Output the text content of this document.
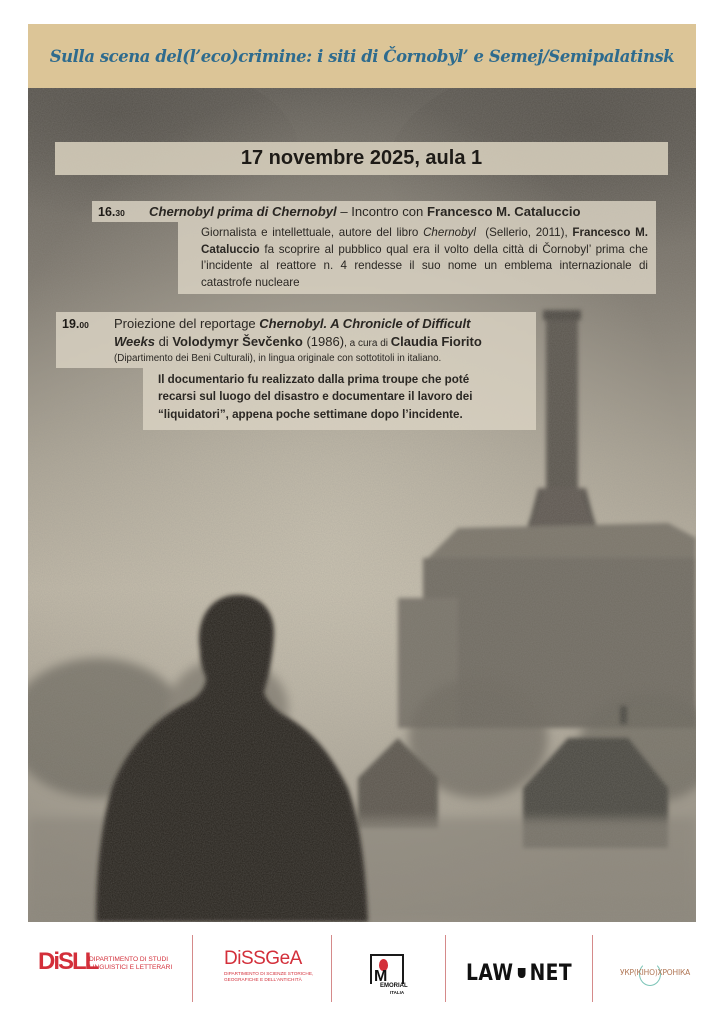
Sulla scena del(l’eco)crimine: i siti di Čornobyl’ e Semej/Semipalatinsk
17 novembre 2025, aula 1
16.30	Chernobyl prima di Chernobyl – Incontro con Francesco M. Cataluccio
Giornalista e intellettuale, autore del libro Chernobyl  (Sellerio, 2011), Francesco M. Cataluccio fa scoprire al pubblico qual era il volto della città di Čornobyl’ prima che l’incidente al reattore n. 4 rendesse il suo nome un emblema internazionale di catastrofe nucleare
19.00 Proiezione del reportage Chernobyl. A Chronicle of Difficult
Weeks di Volodymyr Ševčenko (1986), a cura di Claudia Fiorito
(Dipartimento dei Beni Culturali), in lingua originale con sottotitoli in italiano.
Il documentario fu realizzato dalla prima troupe che poté
recarsi sul luogo del disastro e documentare il lavoro dei
“liquidatori”, appena poche settimane dopo l’incidente.
DiSLL
DIPARTIMENTO DI STUDI
LINGUISTICI E LETTERARI	DiSSGeA
DIPARTIMENTO DI SCIENZE STORICHE,
GEOGRAFICHE E DELL'ANTICHITÀ	M
EMORIAL
ITALIA
LAW NET	УКР(КІНО)ХРОНІКА
